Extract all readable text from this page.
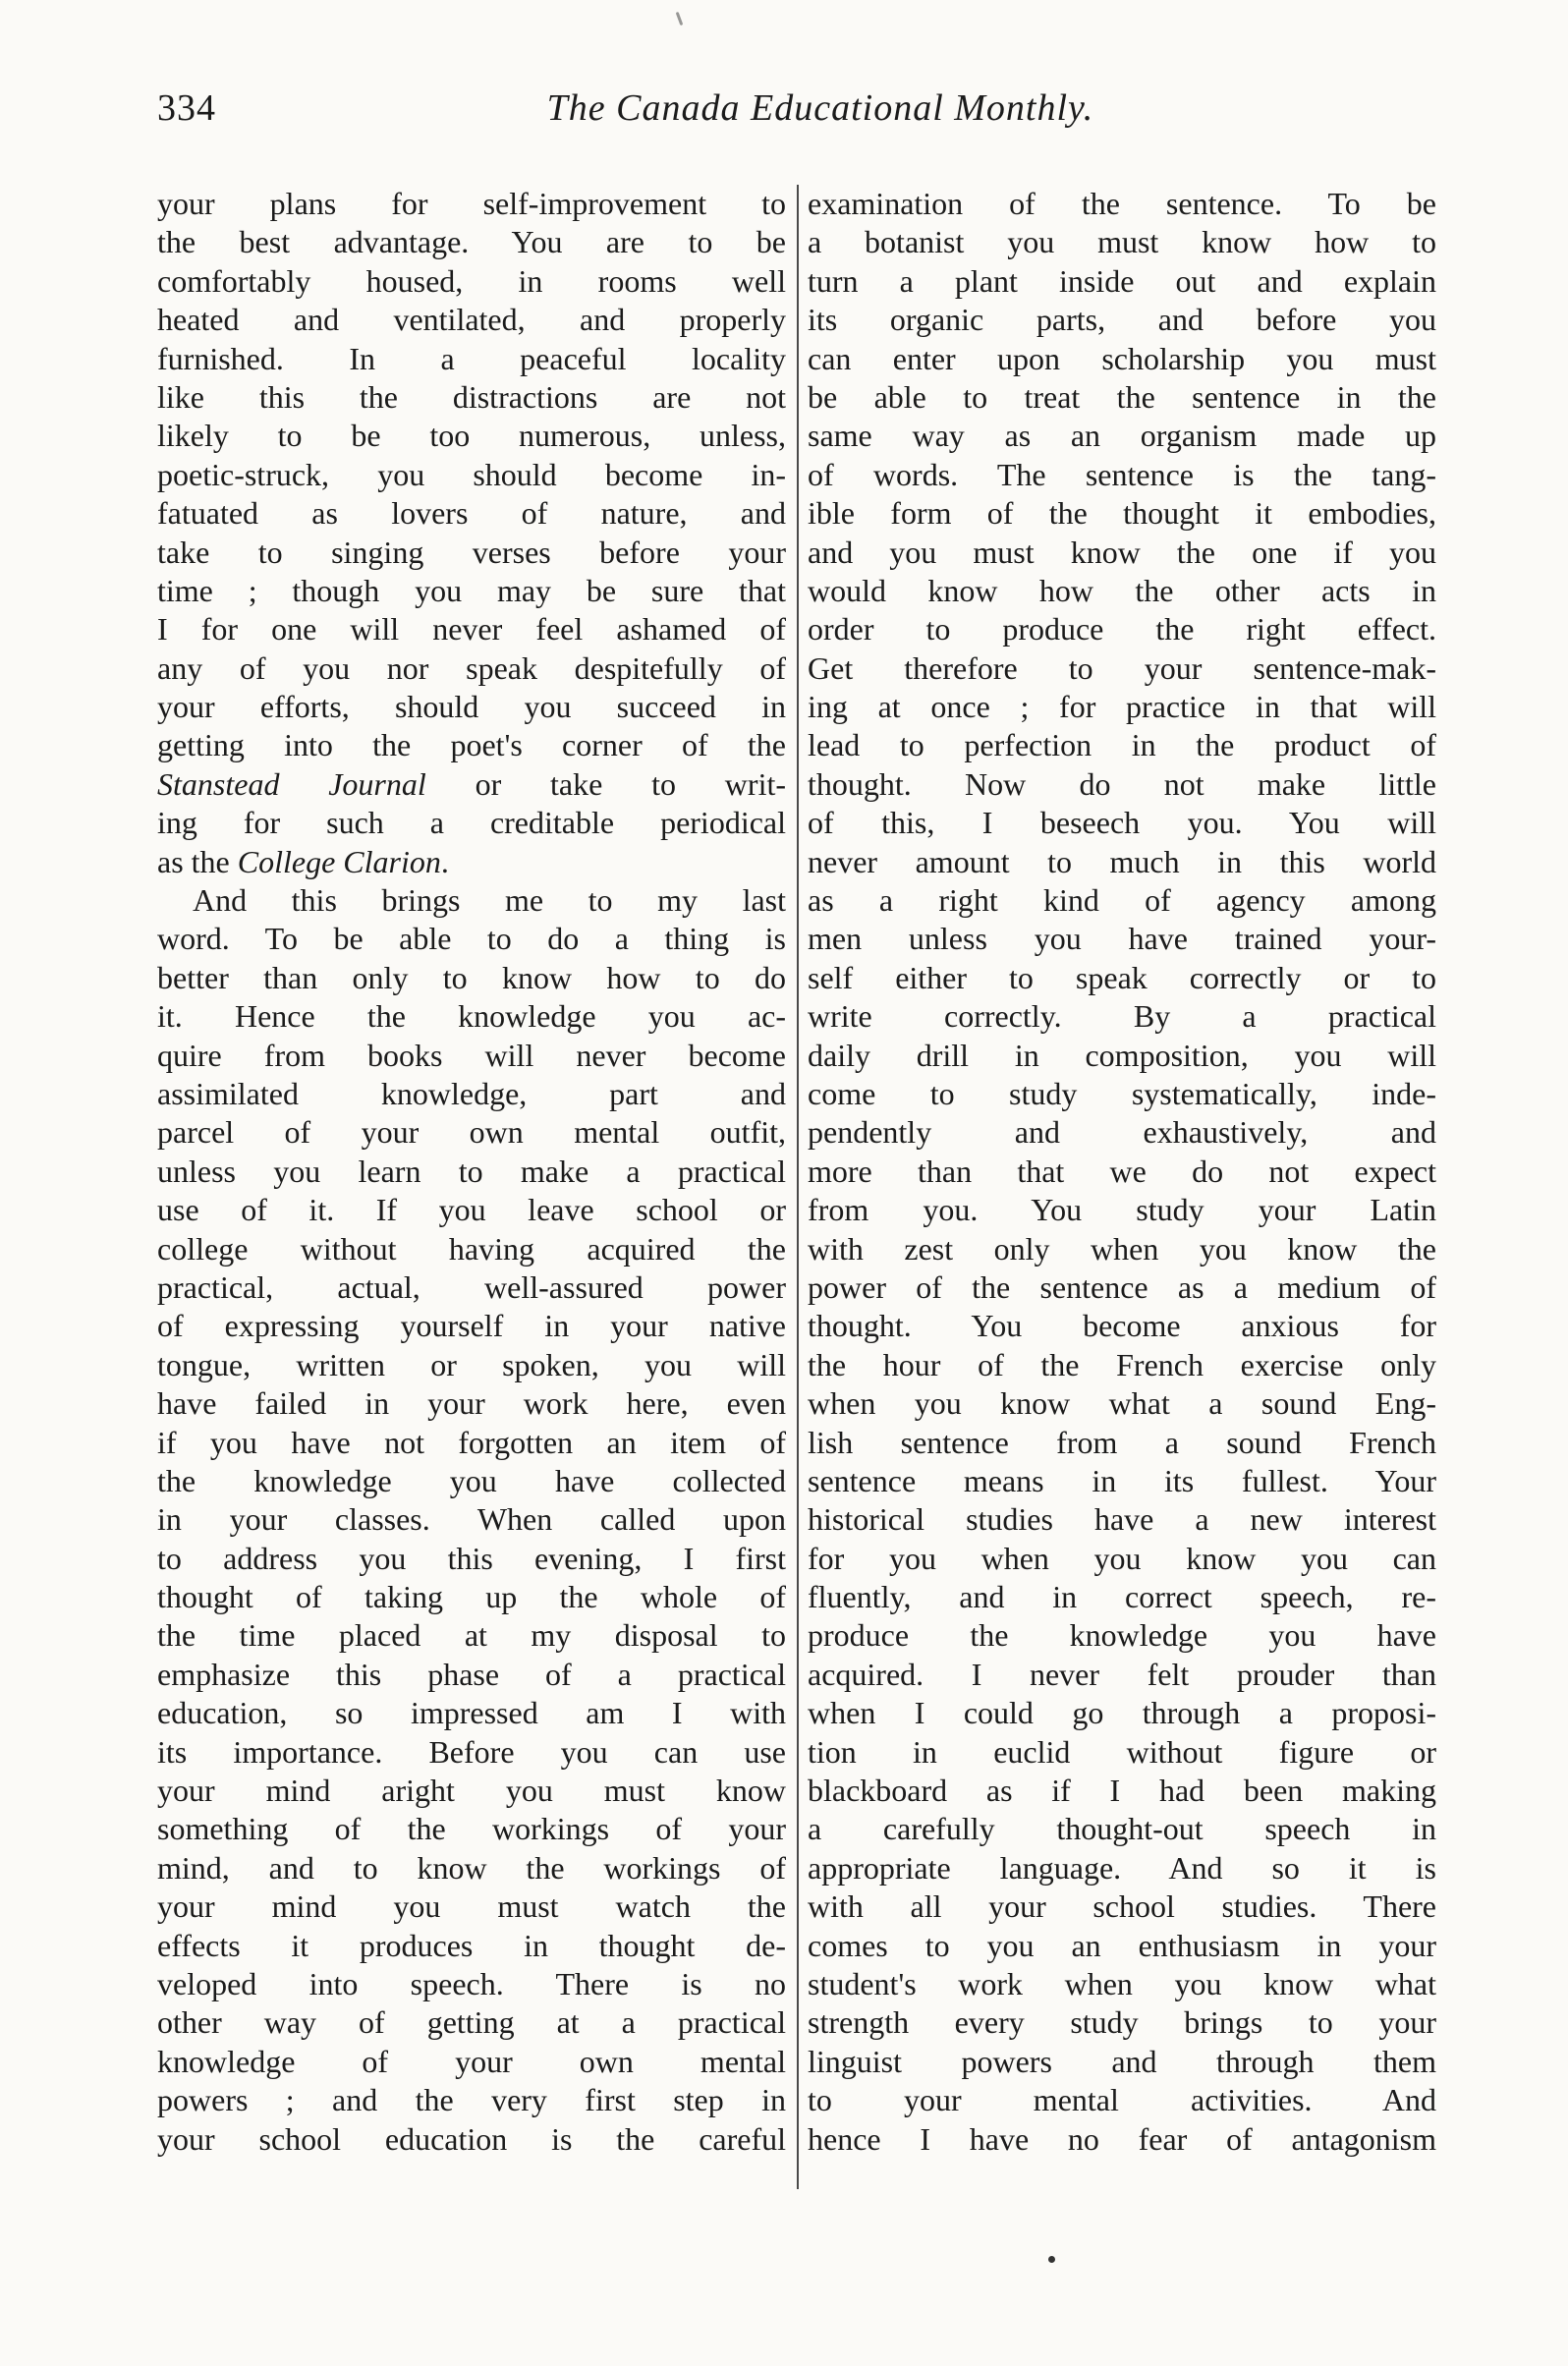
334	The Canada Educational Monthly.
your plans for self-improvement to
the best advantage. You are to be
comfortably housed, in rooms well
heated and ventilated, and properly
furnished. In a peaceful locality
like this the distractions are not
likely to be too numerous, unless,
poetic-struck, you should become in-
fatuated as lovers of nature, and
take to singing verses before your
time ; though you may be sure that
I for one will never feel ashamed of
any of you nor speak despitefully of
your efforts, should you succeed in
getting into the poet's corner of the
Stanstead Journal or take to writ-
ing for such a creditable periodical
as the College Clarion.
And this brings me to my last
word. To be able to do a thing is
better than only to know how to do
it. Hence the knowledge you ac-
quire from books will never become
assimilated knowledge, part and
parcel of your own mental outfit,
unless you learn to make a practical
use of it. If you leave school or
college without having acquired the
practical, actual, well-assured power
of expressing yourself in your native
tongue, written or spoken, you will
have failed in your work here, even
if you have not forgotten an item of
the knowledge you have collected
in your classes. When called upon
to address you this evening, I first
thought of taking up the whole of
the time placed at my disposal to
emphasize this phase of a practical
education, so impressed am I with
its importance. Before you can use
your mind aright you must know
something of the workings of your
mind, and to know the workings of
your mind you must watch the
effects it produces in thought de-
veloped into speech. There is no
other way of getting at a practical
knowledge of your own mental
powers ; and the very first step in
your school education is the careful
examination of the sentence. To be
a botanist you must know how to
turn a plant inside out and explain
its organic parts, and before you
can enter upon scholarship you must
be able to treat the sentence in the
same way as an organism made up
of words. The sentence is the tang-
ible form of the thought it embodies,
and you must know the one if you
would know how the other acts in
order to produce the right effect.
Get therefore to your sentence-mak-
ing at once ; for practice in that will
lead to perfection in the product of
thought. Now do not make little
of this, I beseech you. You will
never amount to much in this world
as a right kind of agency among
men unless you have trained your-
self either to speak correctly or to
write correctly. By a practical
daily drill in composition, you will
come to study systematically, inde-
pendently and exhaustively, and
more than that we do not expect
from you. You study your Latin
with zest only when you know the
power of the sentence as a medium of
thought. You become anxious for
the hour of the French exercise only
when you know what a sound Eng-
lish sentence from a sound French
sentence means in its fullest. Your
historical studies have a new interest
for you when you know you can
fluently, and in correct speech, re-
produce the knowledge you have
acquired. I never felt prouder than
when I could go through a proposi-
tion in euclid without figure or
blackboard as if I had been making
a carefully thought-out speech in
appropriate language. And so it is
with all your school studies. There
comes to you an enthusiasm in your
student's work when you know what
strength every study brings to your
linguist powers and through them
to your mental activities. And
hence I have no fear of antagonism
